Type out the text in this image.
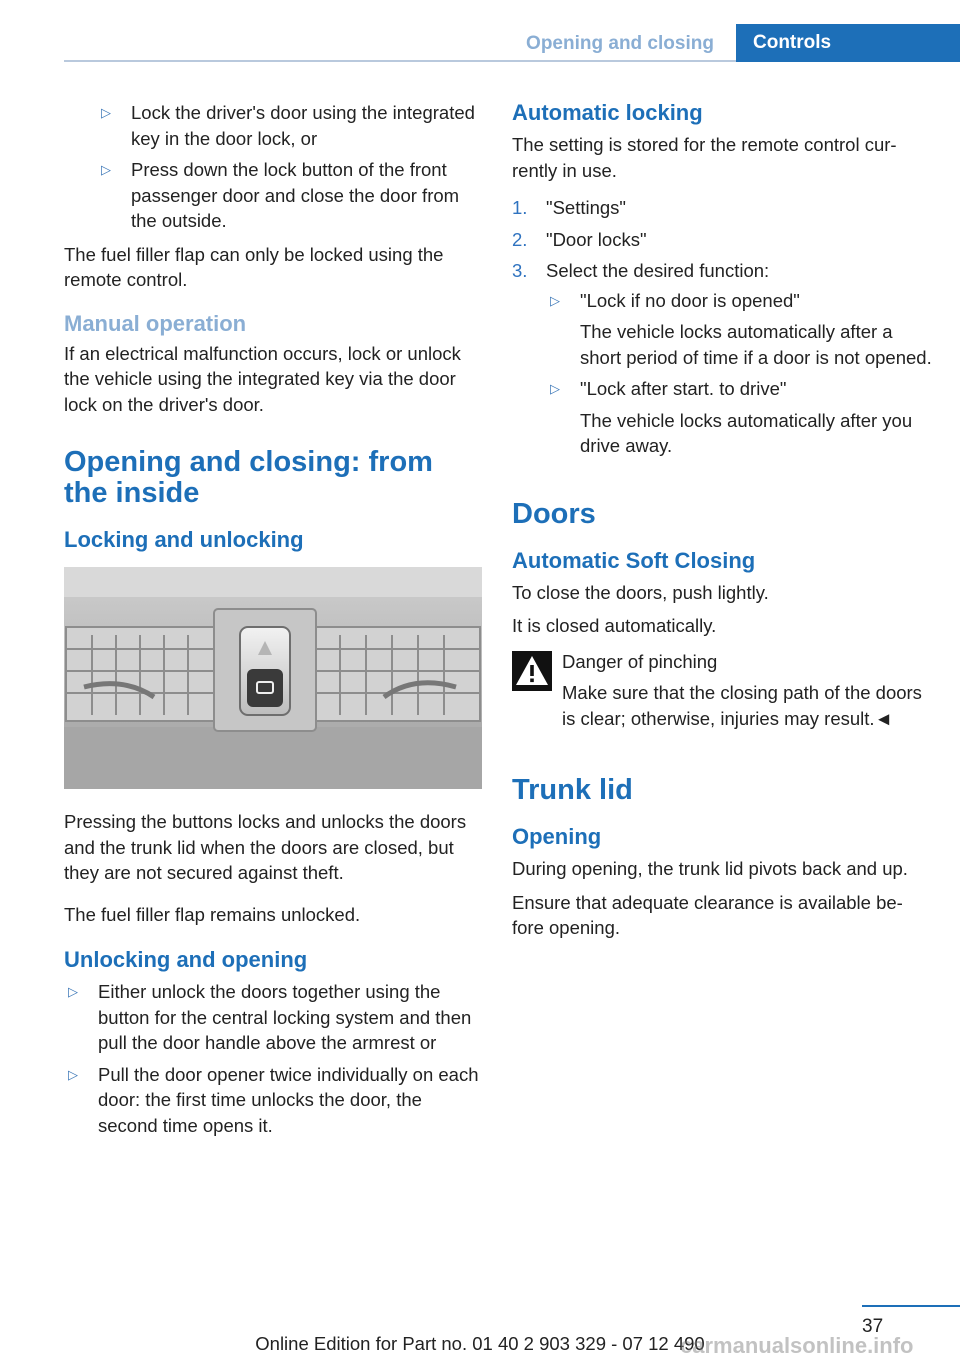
Opening and closing	Controls
▷ Lock the driver's door using the integrated key in the door lock, or
▷ Press down the lock button of the front passenger door and close the door from the outside.

The fuel filler flap can only be locked using the remote control.

Manual operation

If an electrical malfunction occurs, lock or unlock the vehicle using the integrated key via the door lock on the driver's door.

Opening and closing: from the inside
Locking and unlocking

Pressing the buttons locks and unlocks the doors and the trunk lid when the doors are closed, but they are not secured against theft.

The fuel filler flap remains unlocked.

Unlocking and opening
▷ Either unlock the doors together using the button for the central locking system and then pull the door handle above the armrest or
▷ Pull the door opener twice individually on each door: the first time unlocks the door, the second time opens it.
Automatic locking

The setting is stored for the remote control cur-rently in use.

1. "Settings"
2. "Door locks"
3. Select the desired function:
▷ "Lock if no door is opened"
The vehicle locks automatically after a short period of time if a door is not opened.
▷ "Lock after start. to drive"
The vehicle locks automatically after you drive away.
Doors
Automatic Soft Closing

To close the doors, push lightly.

It is closed automatically.

Danger of pinching

Make sure that the closing path of the doors is clear; otherwise, injuries may result.◄

Trunk lid
Opening

During opening, the trunk lid pivots back and up.

Ensure that adequate clearance is available be-fore opening.

37
Online Edition for Part no. 01 40 2 903 329 - 07 12 490
carmanualsonline.info
